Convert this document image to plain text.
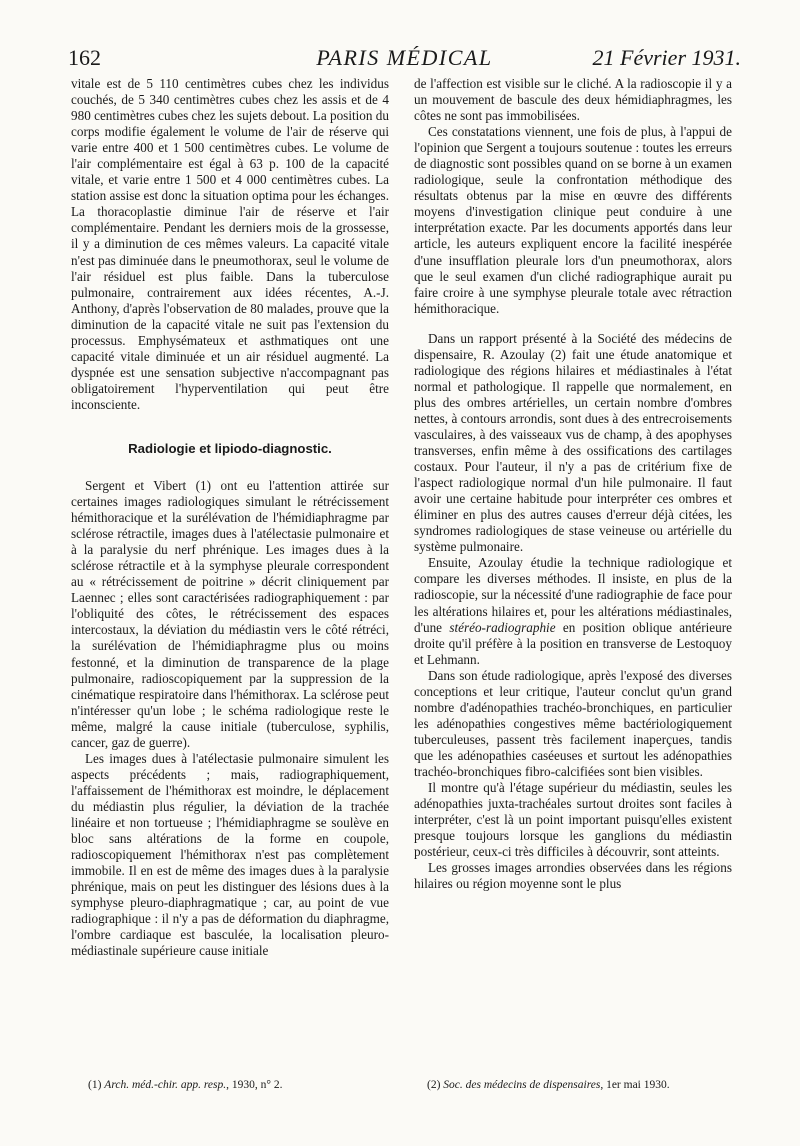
162	PARIS MÉDICAL	21 Février 1931.

vitale est de 5 110 centimètres cubes chez les individus couchés, de 5 340 centimètres cubes chez les assis et de 4 980 centimètres cubes chez les sujets debout. La position du corps modifie également le volume de l'air de réserve qui varie entre 400 et 1 500 centimètres cubes. Le volume de l'air complémentaire est égal à 63 p. 100 de la capacité vitale, et varie entre 1 500 et 4 000 centimètres cubes. La station assise est donc la situation optima pour les échanges. La thoracoplastie diminue l'air de réserve et l'air complémentaire. Pendant les derniers mois de la grossesse, il y a diminution de ces mêmes valeurs. La capacité vitale n'est pas diminuée dans le pneumothorax, seul le volume de l'air résiduel est plus faible. Dans la tuberculose pulmonaire, contrairement aux idées récentes, A.-J. Anthony, d'après l'observation de 80 malades, prouve que la diminution de la capacité vitale ne suit pas l'extension du processus. Emphysémateux et asthmatiques ont une capacité vitale diminuée et un air résiduel augmenté. La dyspnée est une sensation subjective n'accompagnant pas obligatoirement l'hyperventilation qui peut être inconsciente.

Radiologie et lipiodo-diagnostic.

Sergent et Vibert (1) ont eu l'attention attirée sur certaines images radiologiques simulant le rétrécissement hémithoracique et la surélévation de l'hémidiaphragme par sclérose rétractile, images dues à l'atélectasie pulmonaire et à la paralysie du nerf phrénique. Les images dues à la sclérose rétractile et à la symphyse pleurale correspondent au « rétrécissement de poitrine » décrit cliniquement par Laennec ; elles sont caractérisées radiographiquement : par l'obliquité des côtes, le rétrécissement des espaces intercostaux, la déviation du médiastin vers le côté rétréci, la surélévation de l'hémidiaphragme plus ou moins festonné, et la diminution de transparence de la plage pulmonaire, radioscopiquement par la suppression de la cinématique respiratoire dans l'hémithorax. La sclérose peut n'intéresser qu'un lobe ; le schéma radiologique reste le même, malgré la cause initiale (tuberculose, syphilis, cancer, gaz de guerre).

Les images dues à l'atélectasie pulmonaire simulent les aspects précédents ; mais, radiographiquement, l'affaissement de l'hémithorax est moindre, le déplacement du médiastin plus régulier, la déviation de la trachée linéaire et non tortueuse ; l'hémidiaphragme se soulève en bloc sans altérations de la forme en coupole, radioscopiquement l'hémithorax n'est pas complètement immobile. Il en est de même des images dues à la paralysie phrénique, mais on peut les distinguer des lésions dues à la symphyse pleuro-diaphragmatique ; car, au point de vue radiographique : il n'y a pas de déformation du diaphragme, l'ombre cardiaque est basculée, la localisation pleuro-médiastinale supérieure cause initiale

de l'affection est visible sur le cliché. A la radioscopie il y a un mouvement de bascule des deux hémidiaphragmes, les côtes ne sont pas immobilisées.

Ces constatations viennent, une fois de plus, à l'appui de l'opinion que Sergent a toujours soutenue : toutes les erreurs de diagnostic sont possibles quand on se borne à un examen radiologique, seule la confrontation méthodique des résultats obtenus par la mise en œuvre des différents moyens d'investigation clinique peut conduire à une interprétation exacte. Par les documents apportés dans leur article, les auteurs expliquent encore la facilité inespérée d'une insufflation pleurale lors d'un pneumothorax, alors que le seul examen d'un cliché radiographique aurait pu faire croire à une symphyse pleurale totale avec rétraction hémithoracique.

Dans un rapport présenté à la Société des médecins de dispensaire, R. Azoulay (2) fait une étude anatomique et radiologique des régions hilaires et médiastinales à l'état normal et pathologique. Il rappelle que normalement, en plus des ombres artérielles, un certain nombre d'ombres nettes, à contours arrondis, sont dues à des entrecroisements vasculaires, à des vaisseaux vus de champ, à des apophyses transverses, enfin même à des ossifications des cartilages costaux. Pour l'auteur, il n'y a pas de critérium fixe de l'aspect radiologique normal d'un hile pulmonaire. Il faut avoir une certaine habitude pour interpréter ces ombres et éliminer en plus des autres causes d'erreur déjà citées, les syndromes radiologiques de stase veineuse ou artérielle du système pulmonaire.

Ensuite, Azoulay étudie la technique radiologique et compare les diverses méthodes. Il insiste, en plus de la radioscopie, sur la nécessité d'une radiographie de face pour les altérations hilaires et, pour les altérations médiastinales, d'une stéréo-radiographie en position oblique antérieure droite qu'il préfère à la position en transverse de Lestoquoy et Lehmann.

Dans son étude radiologique, après l'exposé des diverses conceptions et leur critique, l'auteur conclut qu'un grand nombre d'adénopathies trachéo-bronchiques, en particulier les adénopathies congestives même bactériologiquement tuberculeuses, passent très facilement inaperçues, tandis que les adénopathies caséeuses et surtout les adénopathies trachéo-bronchiques fibro-calcifiées sont bien visibles.

Il montre qu'à l'étage supérieur du médiastin, seules les adénopathies juxta-trachéales surtout droites sont faciles à interpréter, c'est là un point important puisqu'elles existent presque toujours lorsque les ganglions du médiastin postérieur, ceux-ci très difficiles à découvrir, sont atteints.

Les grosses images arrondies observées dans les régions hilaires ou région moyenne sont le plus

(1) Arch. méd.-chir. app. resp., 1930, n° 2.	(2) Soc. des médecins de dispensaires, 1er mai 1930.
